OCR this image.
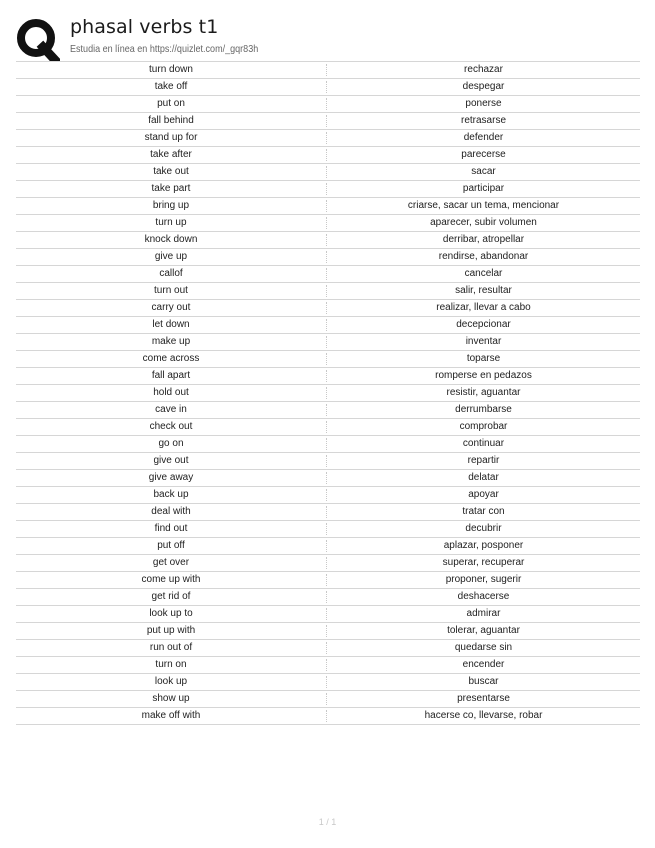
phasal verbs t1
Estudia en línea en https://quizlet.com/_gqr83h
turn down	rechazar
take off	despegar
put on	ponerse
fall behind	retrasarse
stand up for	defender
take after	parecerse
take out	sacar
take part	participar
bring up	criarse, sacar un tema, mencionar
turn up	aparecer, subir volumen
knock down	derribar, atropellar
give up	rendirse, abandonar
callof	cancelar
turn out	salir, resultar
carry out	realizar, llevar a cabo
let down	decepcionar
make up	inventar
come across	toparse
fall apart	romperse en pedazos
hold out	resistir, aguantar
cave in	derrumbarse
check out	comprobar
go on	continuar
give out	repartir
give away	delatar
back up	apoyar
deal with	tratar con
find out	decubrir
put off	aplazar, posponer
get over	superar, recuperar
come up with	proponer, sugerir
get rid of	deshacerse
look up to	admirar
put up with	tolerar, aguantar
run out of	quedarse sin
turn on	encender
look up	buscar
show up	presentarse
make off with	hacerse co, llevarse, robar
1 / 1
